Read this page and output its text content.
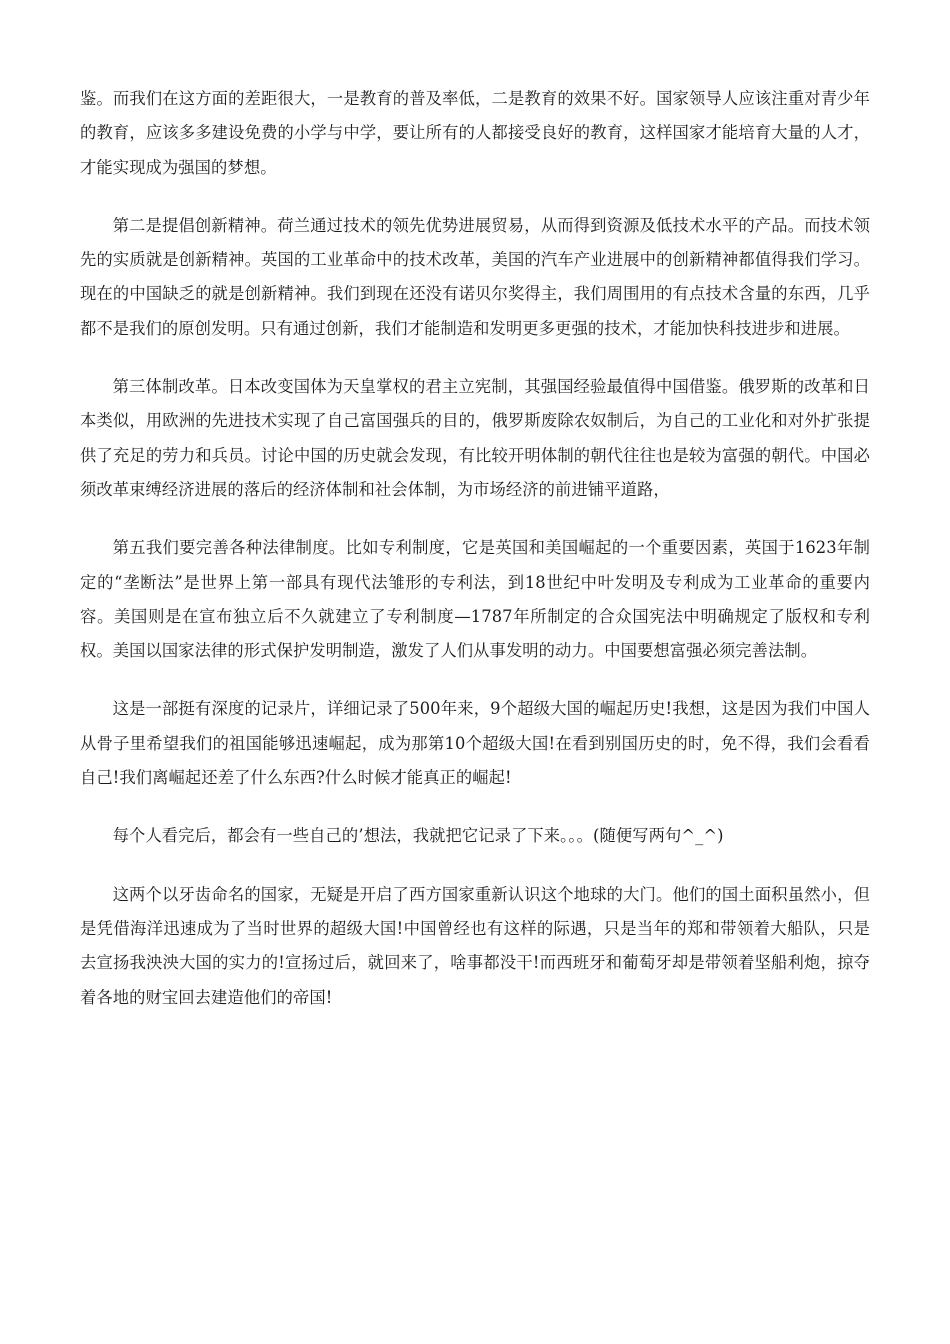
鉴。而我们在这方面的差距很大，一是教育的普及率低，二是教育的效果不好。国家领导人应该注重对青少年的教育，应该多多建设免费的小学与中学，要让所有的人都接受良好的教育，这样国家才能培育大量的人才，才能实现成为强国的梦想。

第二是提倡创新精神。荷兰通过技术的领先优势进展贸易，从而得到资源及低技术水平的产品。而技术领先的实质就是创新精神。英国的工业革命中的技术改革，美国的汽车产业进展中的创新精神都值得我们学习。现在的中国缺乏的就是创新精神。我们到现在还没有诺贝尔奖得主，我们周围用的有点技术含量的东西，几乎都不是我们的原创发明。只有通过创新，我们才能制造和发明更多更强的技术，才能加快科技进步和进展。

第三体制改革。日本改变国体为天皇掌权的君主立宪制，其强国经验最值得中国借鉴。俄罗斯的改革和日本类似，用欧洲的先进技术实现了自己富国强兵的目的，俄罗斯废除农奴制后，为自己的工业化和对外扩张提供了充足的劳力和兵员。讨论中国的历史就会发现，有比较开明体制的朝代往往也是较为富强的朝代。中国必须改革束缚经济进展的落后的经济体制和社会体制，为市场经济的前进铺平道路，

第五我们要完善各种法律制度。比如专利制度，它是英国和美国崛起的一个重要因素，英国于1623年制定的“垄断法”是世界上第一部具有现代法雏形的专利法，到18世纪中叶发明及专利成为工业革命的重要内容。美国则是在宣布独立后不久就建立了专利制度—1787年所制定的合众国宪法中明确规定了版权和专利权。美国以国家法律的形式保护发明制造，激发了人们从事发明的动力。中国要想富强必须完善法制。

这是一部挺有深度的记录片，详细记录了500年来，9个超级大国的崛起历史!我想，这是因为我们中国人从骨子里希望我们的祖国能够迅速崛起，成为那第10个超级大国!在看到别国历史的时，免不得，我们会看看自己!我们离崛起还差了什么东西?什么时候才能真正的崛起!

每个人看完后，都会有一些自己的’想法，我就把它记录了下来。。。(随便写两句^_^)

这两个以牙齿命名的国家，无疑是开启了西方国家重新认识这个地球的大门。他们的国土面积虽然小，但是凭借海洋迅速成为了当时世界的超级大国!中国曾经也有这样的际遇，只是当年的郑和带领着大船队，只是去宣扬我泱泱大国的实力的!宣扬过后，就回来了，啥事都没干!而西班牙和葡萄牙却是带领着坚船利炮，掠夺着各地的财宝回去建造他们的帝国!
